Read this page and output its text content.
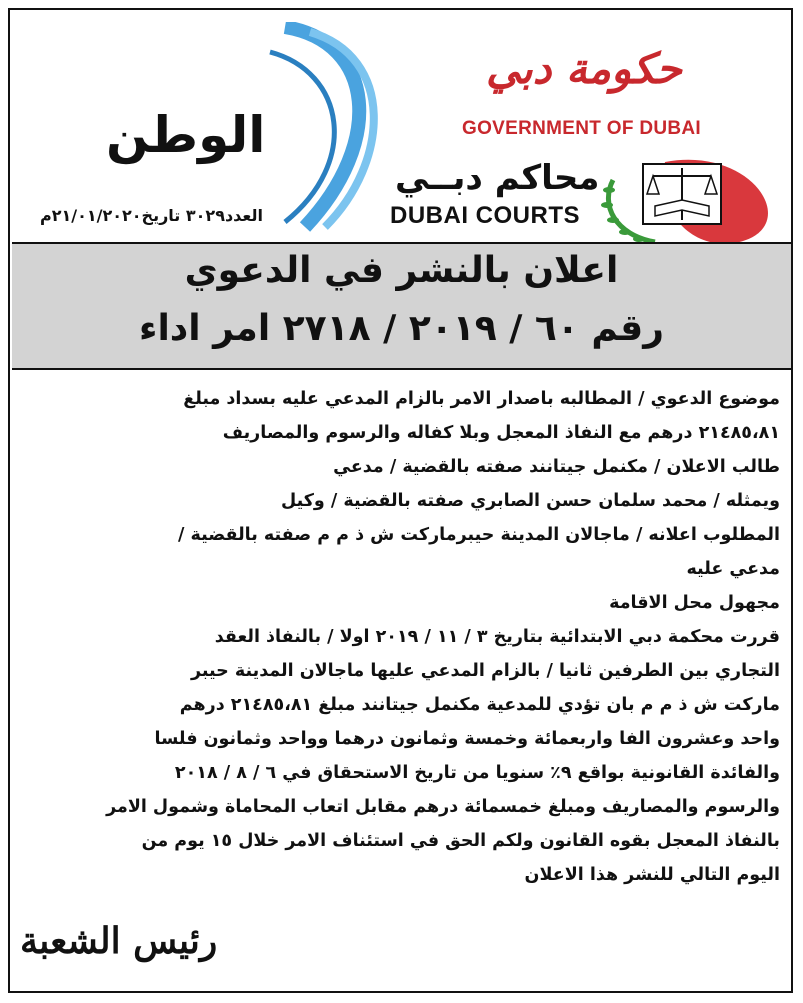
الوطن
العدد٣٠٢٩ تاريخ٢١/٠١/٢٠٢٠م
حكومة دبي
GOVERNMENT OF DUBAI
محاكم دبــي
DUBAI COURTS
اعلان بالنشر في الدعوي
رقم ٦٠ / ٢٠١٩ / ٢٧١٨ امر اداء

موضوع الدعوي / المطالبه باصدار الامر بالزام المدعي عليه بسداد مبلغ

٢١٤٨٥،٨١ درهم مع النفاذ المعجل وبلا كفاله والرسوم والمصاريف

طالب الاعلان / مكنمل جيتانند صفته بالقضية / مدعي

ويمثله / محمد سلمان حسن الصابري صفته بالقضية / وكيل

المطلوب اعلانه / ماجالان المدينة حيبرماركت ش ذ م م صفته بالقضية /

مدعي عليه

مجهول محل الاقامة

قررت محكمة دبي الابتدائية بتاريخ ٣ / ١١ / ٢٠١٩ اولا / بالنفاذ العقد

التجاري بين الطرفين ثانيا / بالزام المدعي عليها ماجالان المدينة حيبر

ماركت ش ذ م م بان تؤدي للمدعية مكنمل جيتانند مبلغ ٢١٤٨٥،٨١ درهم

واحد وعشرون الفا واربعمائة وخمسة وثمانون درهما وواحد وثمانون فلسا

والفائدة القانونية بواقع ٩٪ سنويا من تاريخ الاستحقاق في ٦ / ٨ / ٢٠١٨

والرسوم والمصاريف ومبلغ خمسمائة درهم مقابل اتعاب المحاماة وشمول الامر

بالنفاذ المعجل بقوه القانون ولكم الحق في استئناف الامر خلال ١٥ يوم من

اليوم التالي للنشر هذا الاعلان

رئيس الشعبة
